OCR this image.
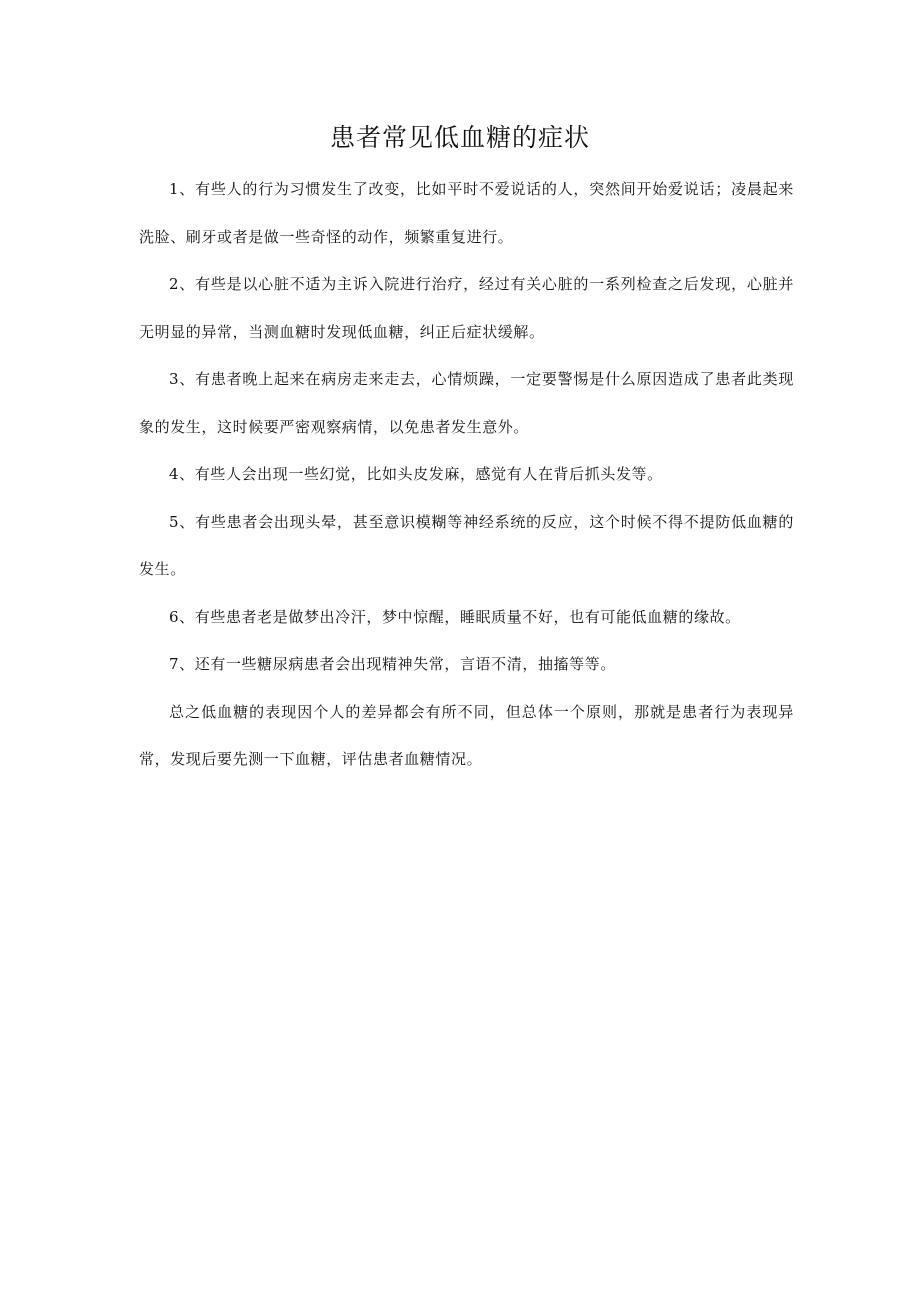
患者常见低血糖的症状

1、有些人的行为习惯发生了改变，比如平时不爱说话的人，突然间开始爱说话；凌晨起来洗脸、刷牙或者是做一些奇怪的动作，频繁重复进行。

2、有些是以心脏不适为主诉入院进行治疗，经过有关心脏的一系列检查之后发现，心脏并无明显的异常，当测血糖时发现低血糖，纠正后症状缓解。

3、有患者晚上起来在病房走来走去，心情烦躁，一定要警惕是什么原因造成了患者此类现象的发生，这时候要严密观察病情，以免患者发生意外。

4、有些人会出现一些幻觉，比如头皮发麻，感觉有人在背后抓头发等。

5、有些患者会出现头晕，甚至意识模糊等神经系统的反应，这个时候不得不提防低血糖的发生。

6、有些患者老是做梦出冷汗，梦中惊醒，睡眠质量不好，也有可能低血糖的缘故。

7、还有一些糖尿病患者会出现精神失常，言语不清，抽搐等等。

总之低血糖的表现因个人的差异都会有所不同，但总体一个原则，那就是患者行为表现异常，发现后要先测一下血糖，评估患者血糖情况。
